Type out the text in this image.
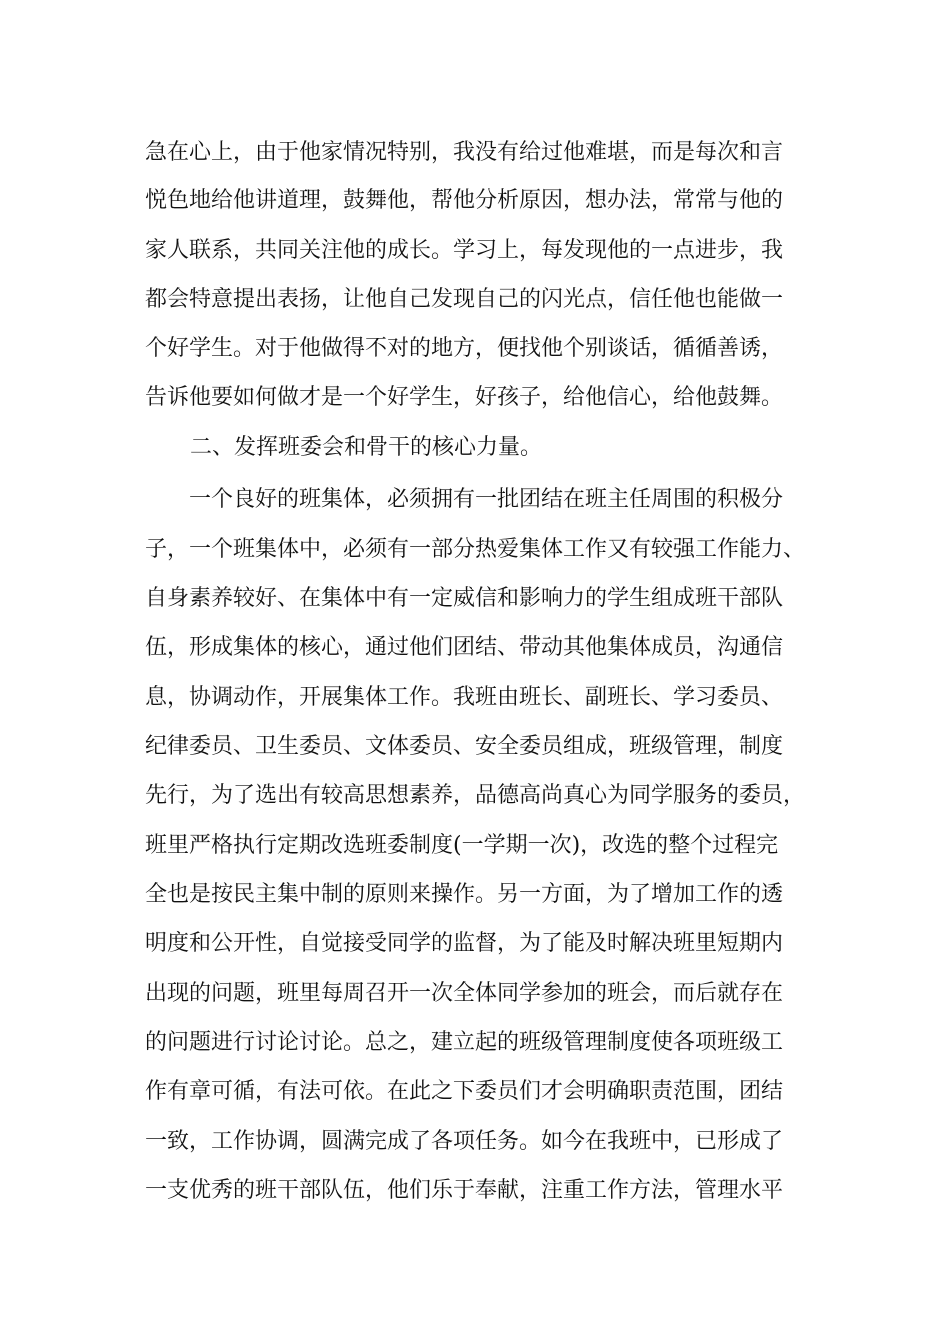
急在心上，由于他家情况特别，我没有给过他难堪，而是每次和言

悦色地给他讲道理，鼓舞他，帮他分析原因，想办法，常常与他的

家人联系，共同关注他的成长。学习上，每发现他的一点进步，我

都会特意提出表扬，让他自己发现自己的闪光点，信任他也能做一

个好学生。对于他做得不对的地方，便找他个别谈话，循循善诱，

告诉他要如何做才是一个好学生，好孩子，给他信心，给他鼓舞。

二、发挥班委会和骨干的核心力量。

一个良好的班集体，必须拥有一批团结在班主任周围的积极分

子，一个班集体中，必须有一部分热爱集体工作又有较强工作能力、

自身素养较好、在集体中有一定威信和影响力的学生组成班干部队

伍，形成集体的核心，通过他们团结、带动其他集体成员，沟通信

息，协调动作，开展集体工作。我班由班长、副班长、学习委员、

纪律委员、卫生委员、文体委员、安全委员组成，班级管理，制度

先行，为了选出有较高思想素养，品德高尚真心为同学服务的委员，

班里严格执行定期改选班委制度(一学期一次)，改选的整个过程完

全也是按民主集中制的原则来操作。另一方面，为了增加工作的透

明度和公开性，自觉接受同学的监督，为了能及时解决班里短期内

出现的问题，班里每周召开一次全体同学参加的班会，而后就存在

的问题进行讨论讨论。总之，建立起的班级管理制度使各项班级工

作有章可循，有法可依。在此之下委员们才会明确职责范围，团结

一致，工作协调，圆满完成了各项任务。如今在我班中，已形成了

一支优秀的班干部队伍，他们乐于奉献，注重工作方法，管理水平
